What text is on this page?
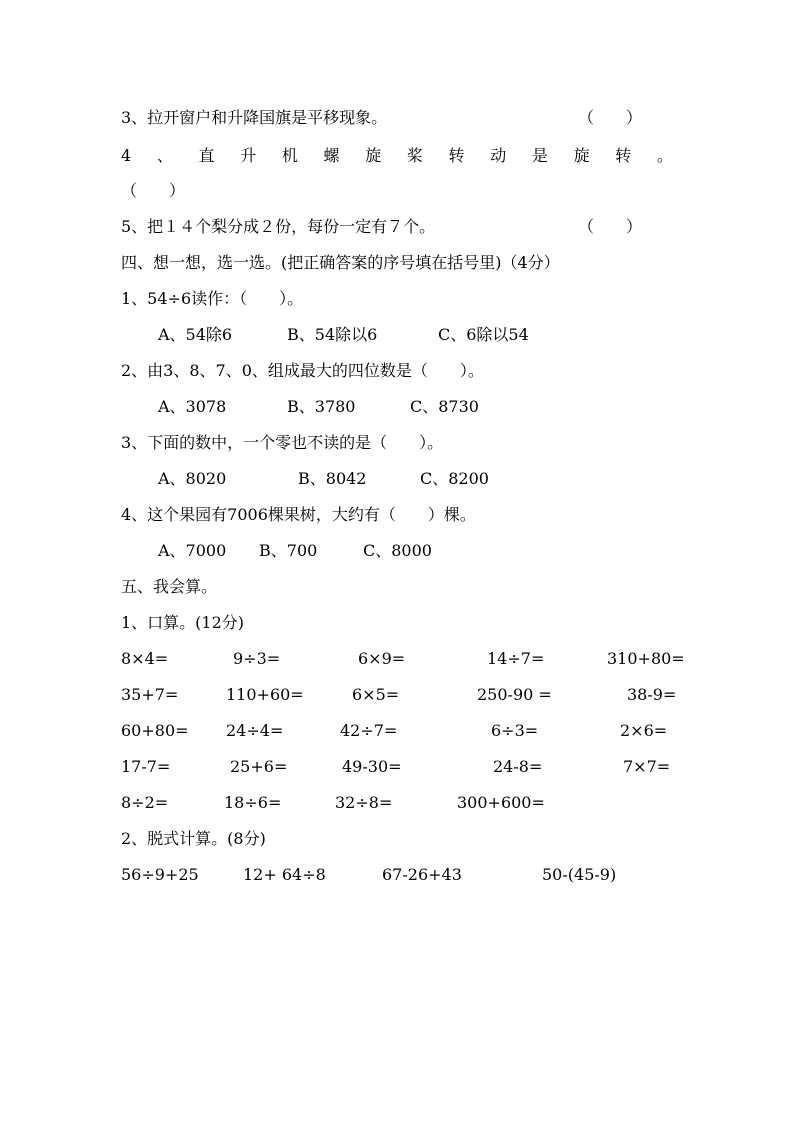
3、拉开窗户和升降国旗是平移现象。	（　　）
4 、 直 升 机 螺 旋 桨 转 动 是 旋 转 。
（　　）
5、把１４个梨分成２份，每份一定有７个。	（　　）
四、想一想，选一选。(把正确答案的序号填在括号里)（4分）
1、54÷6读作：（　　）。
A、54除6	B、54除以6	C、6除以54
2、由3、8、7、0、组成最大的四位数是（　　）。
A、3078	B、3780	C、8730
3、下面的数中，一个零也不读的是（　　）。
A、8020	B、8042	C、8200
4、这个果园有7006棵果树，大约有（　　）棵。
A、7000 B、700	C、8000
五、我会算。
1、口算。(12分)
8×4=	9÷3=	6×9=	14÷7=	310+80=
35+7=	110+60=	6×5=	250-90 =	38-9=
60+80= 24÷4=	42÷7=	6÷3=	2×6=
17-7=	25+6=	49-30=	24-8=	7×7=
8÷2=	18÷6=	32÷8=	300+600=
2、脱式计算。(8分)
56÷9+25	12+ 64÷8	67-26+43	50-(45-9)
